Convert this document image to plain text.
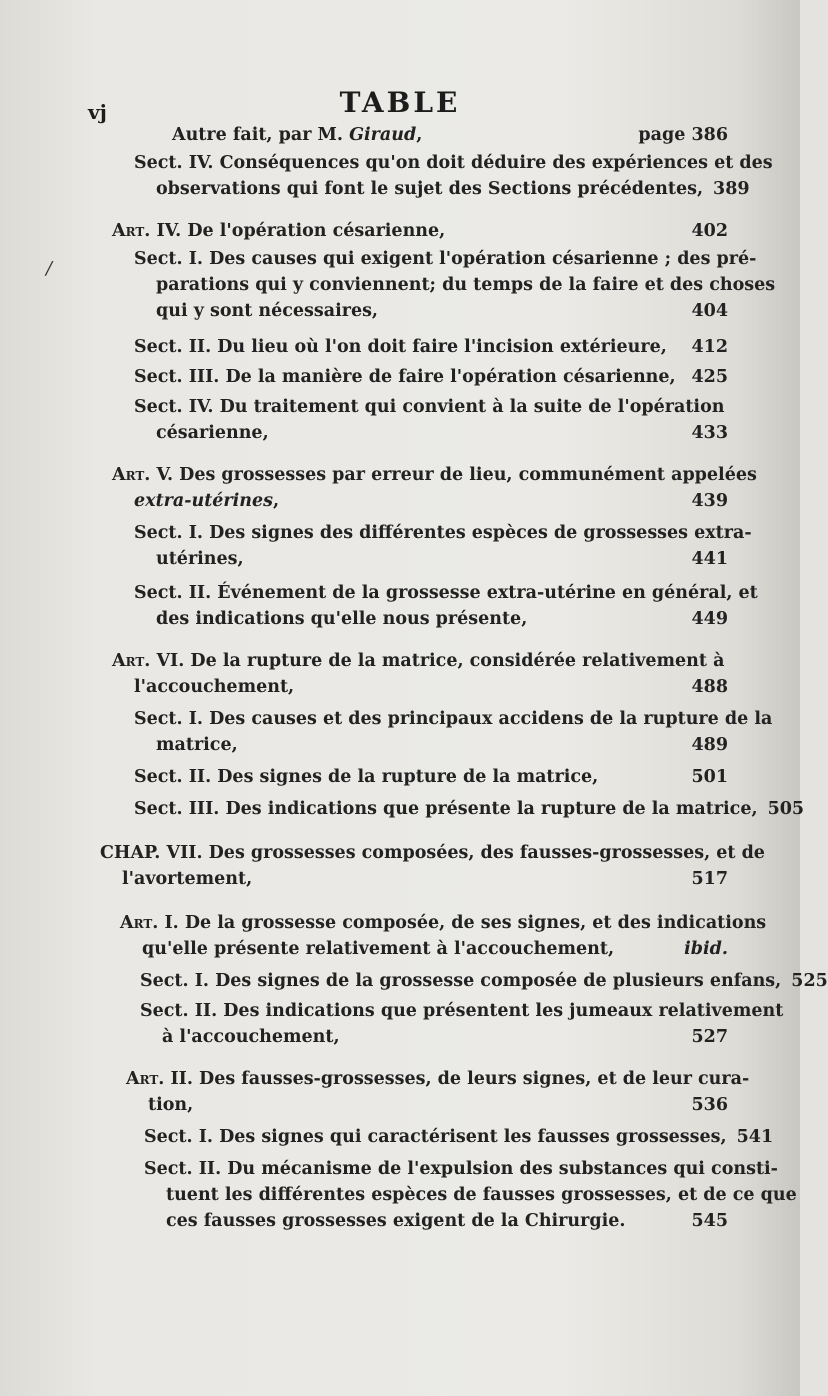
vj	TABLE
/
Autre fait, par M. Giraud,	page 386
Sect. IV. Conséquences qu'on doit déduire des expériences et des
observations qui font le sujet des Sections précédentes, 389
Art. IV. De l'opération césarienne,	402
Sect. I. Des causes qui exigent l'opération césarienne ; des pré-
parations qui y conviennent; du temps de la faire et des choses
qui y sont nécessaires,	404
Sect. II. Du lieu où l'on doit faire l'incision extérieure,	412
Sect. III. De la manière de faire l'opération césarienne, 425
Sect. IV. Du traitement qui convient à la suite de l'opération
césarienne,	433
Art. V. Des grossesses par erreur de lieu, communément appelées
extra-utérines,	439
Sect. I. Des signes des différentes espèces de grossesses extra-
utérines,	441
Sect. II. Événement de la grossesse extra-utérine en général, et
des indications qu'elle nous présente,	449
Art. VI. De la rupture de la matrice, considérée relativement à
l'accouchement,	488
Sect. I. Des causes et des principaux accidens de la rupture de la
matrice,	489
Sect. II. Des signes de la rupture de la matrice,	501
Sect. III. Des indications que présente la rupture de la matrice, 505
CHAP. VII. Des grossesses composées, des fausses-grossesses, et de
l'avortement,	517
Art. I. De la grossesse composée, de ses signes, et des indications
qu'elle présente relativement à l'accouchement,	ibid.
Sect. I. Des signes de la grossesse composée de plusieurs enfans, 525
Sect. II. Des indications que présentent les jumeaux relativement
à l'accouchement,	527
Art. II. Des fausses-grossesses, de leurs signes, et de leur cura-
tion,	536
Sect. I. Des signes qui caractérisent les fausses grossesses, 541
Sect. II. Du mécanisme de l'expulsion des substances qui consti-
tuent les différentes espèces de fausses grossesses, et de ce que
ces fausses grossesses exigent de la Chirurgie.	545
